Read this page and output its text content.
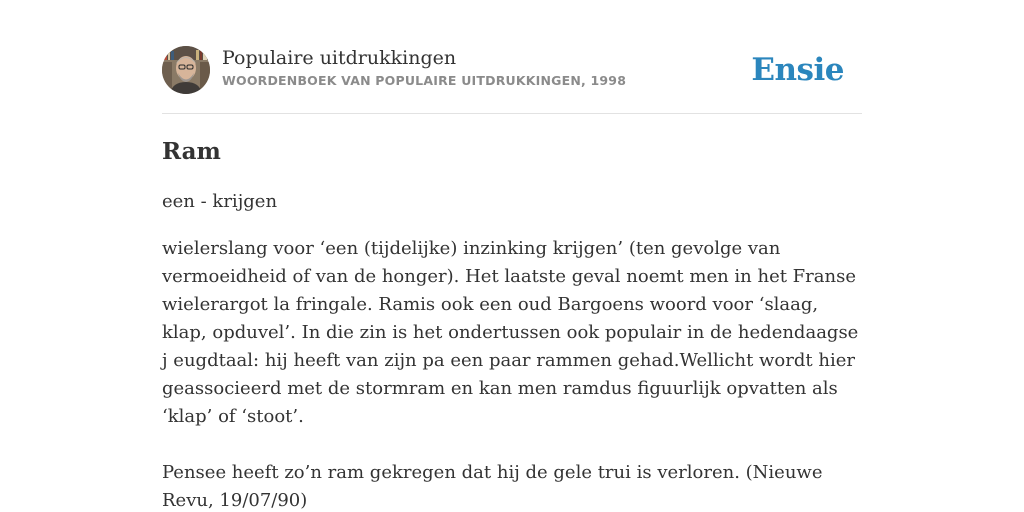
Populaire uitdrukkingen
WOORDENBOEK VAN POPULAIRE UITDRUKKINGEN, 1998	Ensie
Ram
een - krijgen
wielerslang voor ‘een (tijdelijke) inzinking krijgen’ (ten gevolge van vermoeidheid of van de honger). Het laatste geval noemt men in het Franse wielerargot la fringale. Ramis ook een oud Bargoens woord voor ‘slaag, klap, opduvel’. In die zin is het ondertussen ook populair in de hedendaagse j eugdtaal: hij heeft van zijn pa een paar rammen gehad.Wellicht wordt hier geassocieerd met de stormram en kan men ramdus figuurlijk opvatten als ‘klap’ of ‘stoot’.
Pensee heeft zo’n ram gekregen dat hij de gele trui is verloren. (Nieuwe Revu, 19/07/90)
